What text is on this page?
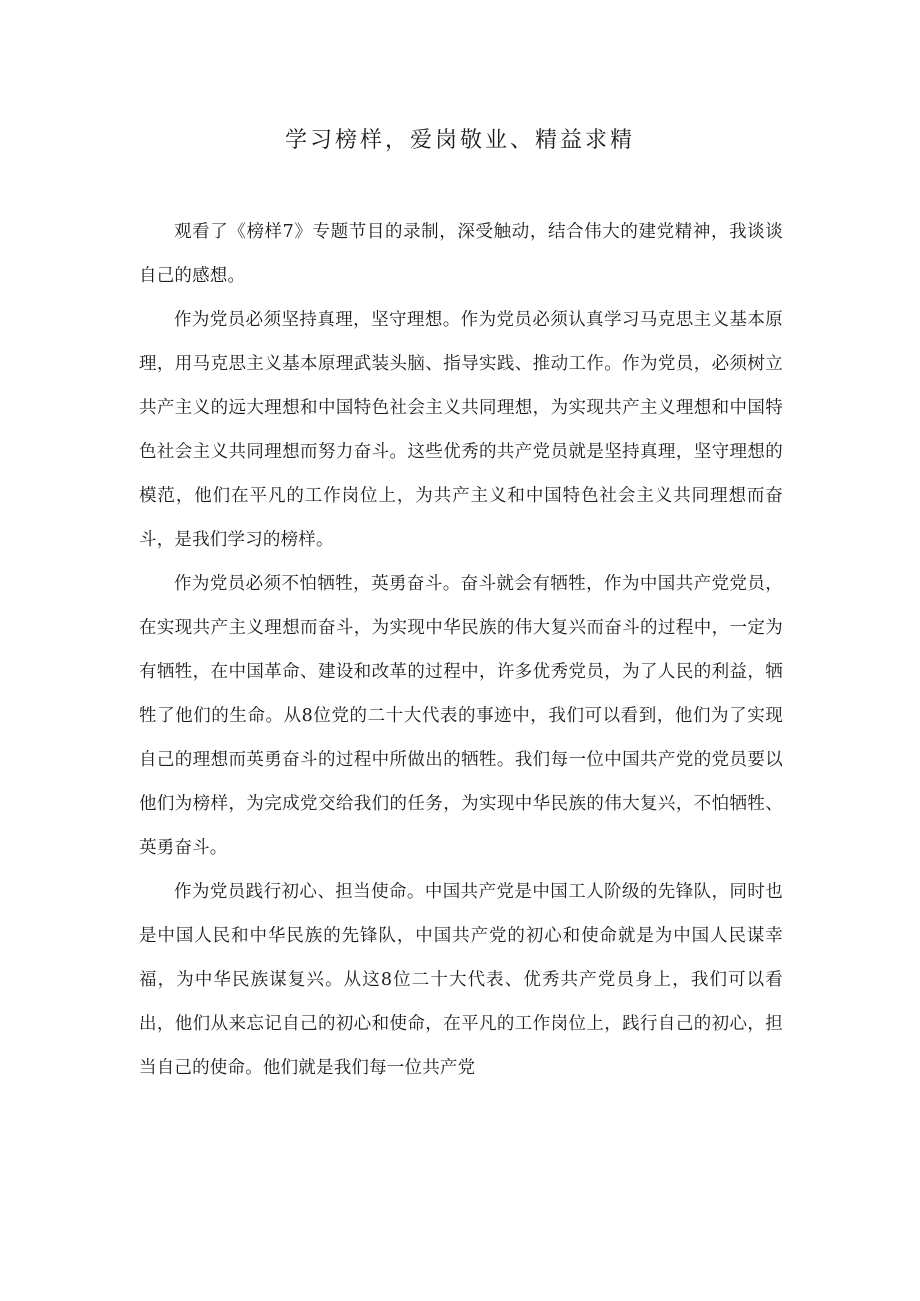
学习榜样，爱岗敬业、精益求精

观看了《榜样7》专题节目的录制，深受触动，结合伟大的建党精神，我谈谈自己的感想。

作为党员必须坚持真理，坚守理想。作为党员必须认真学习马克思主义基本原理，用马克思主义基本原理武装头脑、指导实践、推动工作。作为党员，必须树立共产主义的远大理想和中国特色社会主义共同理想，为实现共产主义理想和中国特色社会主义共同理想而努力奋斗。这些优秀的共产党员就是坚持真理，坚守理想的模范，他们在平凡的工作岗位上，为共产主义和中国特色社会主义共同理想而奋斗，是我们学习的榜样。

作为党员必须不怕牺牲，英勇奋斗。奋斗就会有牺牲，作为中国共产党党员，在实现共产主义理想而奋斗，为实现中华民族的伟大复兴而奋斗的过程中，一定为有牺牲，在中国革命、建设和改革的过程中，许多优秀党员，为了人民的利益，牺牲了他们的生命。从8位党的二十大代表的事迹中，我们可以看到，他们为了实现自己的理想而英勇奋斗的过程中所做出的牺牲。我们每一位中国共产党的党员要以他们为榜样，为完成党交给我们的任务，为实现中华民族的伟大复兴，不怕牺牲、英勇奋斗。

作为党员践行初心、担当使命。中国共产党是中国工人阶级的先锋队，同时也是中国人民和中华民族的先锋队，中国共产党的初心和使命就是为中国人民谋幸福，为中华民族谋复兴。从这8位二十大代表、优秀共产党员身上，我们可以看出，他们从来忘记自己的初心和使命，在平凡的工作岗位上，践行自己的初心，担当自己的使命。他们就是我们每一位共产党
